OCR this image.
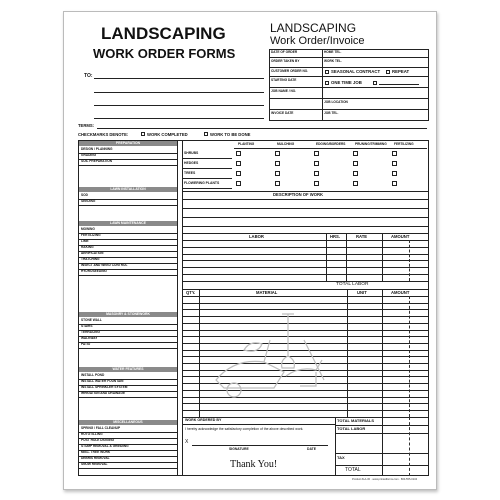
LANDSCAPING
WORK ORDER FORMS
TO:
TERMS:
LANDSCAPING
Work Order/Invoice
DATE OF ORDER	HOME TEL.
ORDER TAKEN BY	WORK TEL.
CUSTOMER ORDER NO.	SEASONAL CONTRACT	REPEAT
STARTING DATE	ONE TIME JOB
JOB NAME / NO.
JOB LOCATION
INVOICE DATE	JOB TEL.
CHECKMARKS DENOTE:	WORK COMPLETED	WORK TO BE DONE
PREPARATION
DESIGN / PLANNING
GRADING
SOIL PREPARATION
LAWN INSTALLATION
SOD
SEEDING
LAWN MAINTENANCE
MOWING
FERTILIZING
LIME
RAKING
AERIFICATION
THATCHING
INSECT AND WEED CONTROL
HYDROSEEDING
MASONRY & STONEWORK
STONE WALL
STAIRS
TERRACING
WALKWAY
PATIO
WATER FEATURES
INSTALL POND
INSTALL WATER FOUNTAIN
INSTALL SPRINKLER SYSTEM
IRRIGATION AND DRAINAGE
MISCELLANEOUS
SPRING / FALL CLEANUP
ROTOTILLING
POST HOLE DIGGING
STUMP REMOVAL & GRINDING
MISC. TREE WORK
DEBRIS REMOVAL
SNOW REMOVAL
PLANTING	MULCHING	EDGING/BORDERS	PRUNING/TRIMMING FERTILIZING
SHRUBS
HEDGES
TREES
FLOWERING PLANTS
DESCRIPTION OF WORK
LABOR	HRS.	RATE	AMOUNT
TOTAL LABOR
QTY.	MATERIAL	UNIT	AMOUNT
WORK ORDERED BY
I hereby acknowledge the satisfactory completion of the above described work.
X
SIGNATURE	DATE
Thank You!
TOTAL MATERIALS
TOTAL LABOR
TAX
TOTAL
Product #LA-30 · www.printedforms.com · 800-555-0134
